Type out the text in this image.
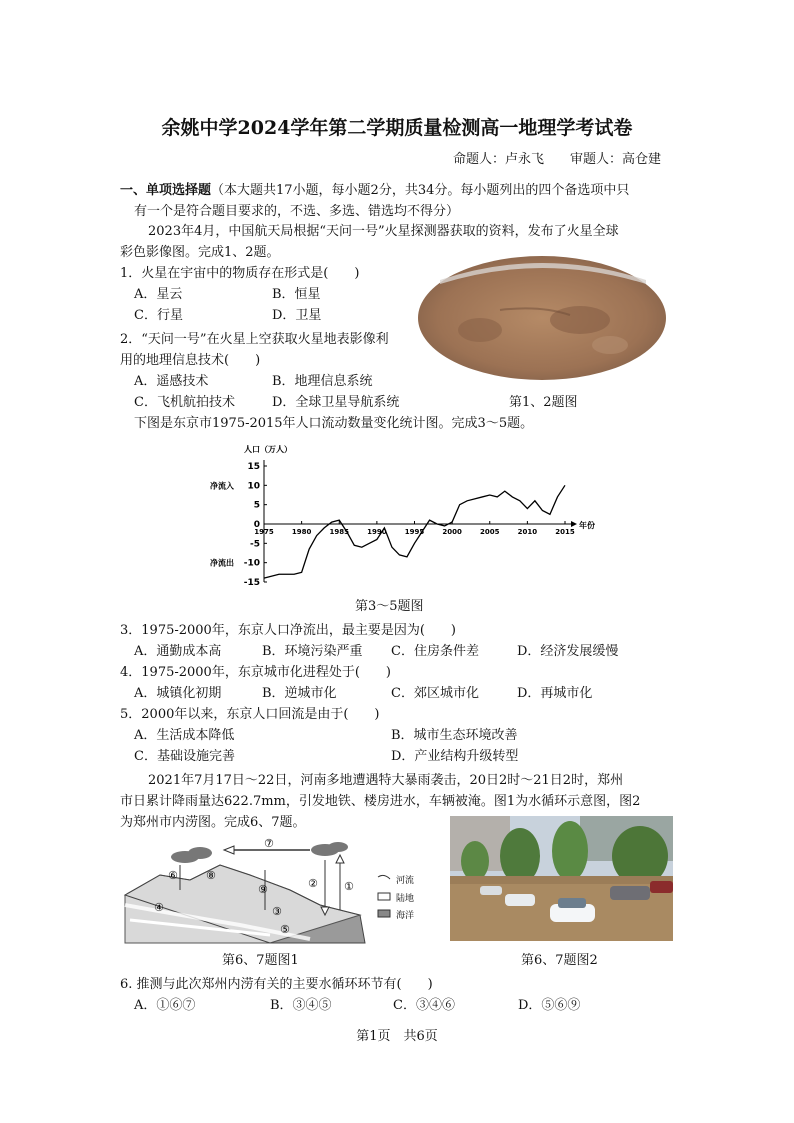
余姚中学2024学年第二学期质量检测高一地理学考试卷
命题人：卢永飞　　审题人：高仓建
一、单项选择题（本大题共17小题，每小题2分，共34分。每小题列出的四个备选项中只
有一个是符合题目要求的，不选、多选、错选均不得分）
2023年4月，中国航天局根据“天问一号”火星探测器获取的资料，发布了火星全球
彩色影像图。完成1、2题。
1．火星在宇宙中的物质存在形式是(　　)
A．星云	B．恒星
C．行星	D．卫星
2．“天问一号”在火星上空获取火星地表影像利
用的地理信息技术(　　)
A．遥感技术	B．地理信息系统
C．飞机航拍技术	D．全球卫星导航系统	第1、2题图
下图是东京市1975-2015年人口流动数量变化统计图。完成3～5题。
-15
-10
-5
0
5
10
15
1975	1980	1985	1990	1995	2000	2005	2010	2015
人口（万人）
年份
净流入
净流出
第3～5题图
3．1975-2000年，东京人口净流出，最主要是因为(　　)
A．通勤成本高	B．环境污染严重 C．住房条件差	D．经济发展缓慢
4．1975-2000年，东京城市化进程处于(　　)
A．城镇化初期	B．逆城市化	C．郊区城市化	D．再城市化
5．2000年以来，东京人口回流是由于(　　)
A．生活成本降低	B．城市生态环境改善
C．基础设施完善	D．产业结构升级转型
2021年7月17日～22日，河南多地遭遇特大暴雨袭击，20日2时～21日2时，郑州
市日累计降雨量达622.7mm，引发地铁、楼房进水，车辆被淹。图1为水循环示意图，图2
为郑州市内涝图。完成6、7题。
⑦
② ①
⑥	⑧
⑨
③
④
⑤
河流
陆地
海洋
第6、7题图1	第6、7题图2
6. 推测与此次郑州内涝有关的主要水循环环节有(　　)
A．①⑥⑦	B．③④⑤	C．③④⑥	D．⑤⑥⑨
第1页　共6页
